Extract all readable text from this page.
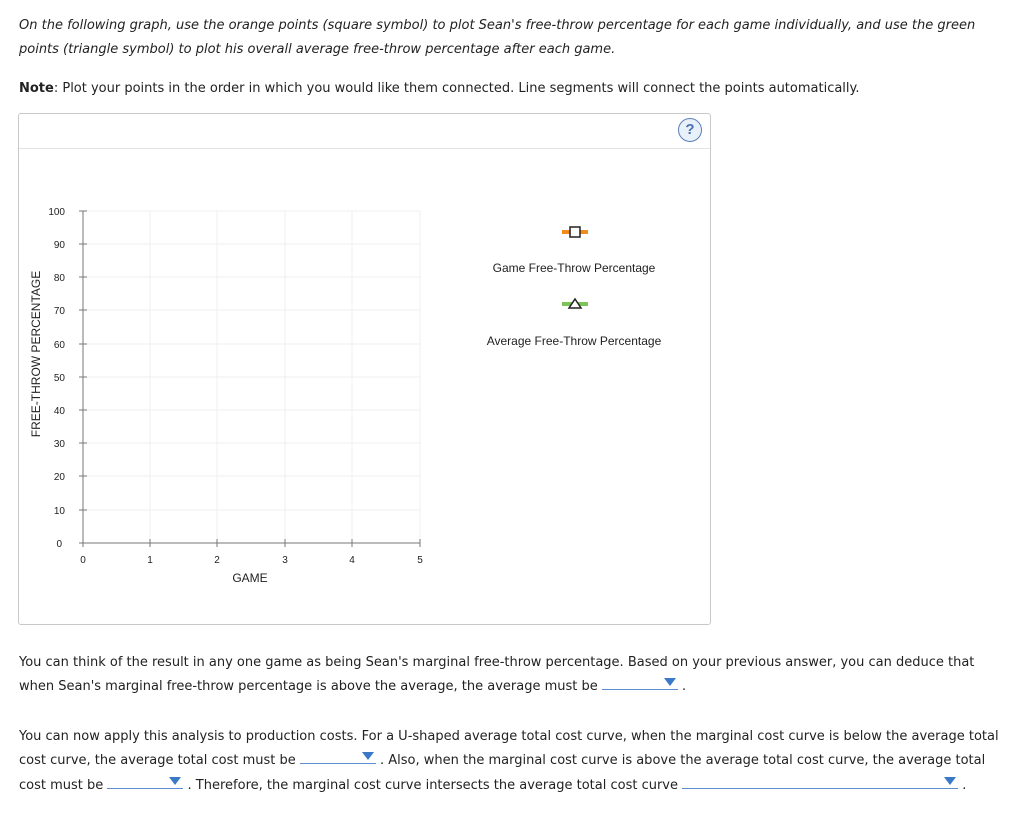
On the following graph, use the orange points (square symbol) to plot Sean's free-throw percentage for each game individually, and use the green
points (triangle symbol) to plot his overall average free-throw percentage after each game.
Note: Plot your points in the order in which you would like them connected. Line segments will connect the points automatically.
?
FREE-THROW PERCENTAGE
100
90
80
70
60
50
40
30
20
10
0
0	1	2	3	4	5
GAME
Game Free-Throw Percentage
Average Free-Throw Percentage
You can think of the result in any one game as being Sean's marginal free-throw percentage. Based on your previous answer, you can deduce that
when Sean's marginal free-throw percentage is above the average, the average must be	.
You can now apply this analysis to production costs. For a U-shaped average total cost curve, when the marginal cost curve is below the average total
cost curve, the average total cost must be	. Also, when the marginal cost curve is above the average total cost curve, the average total
cost must be	. Therefore, the marginal cost curve intersects the average total cost curve	.
